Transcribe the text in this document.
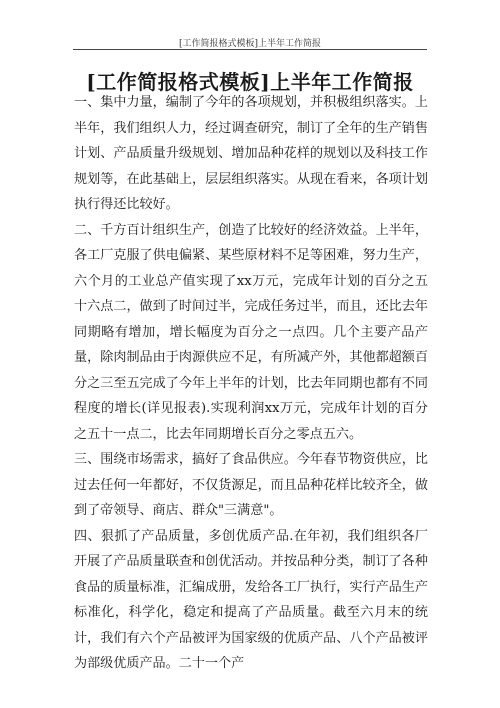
[工作简报格式模板]上半年工作简报
[工作简报格式模板]上半年工作简报

一、集中力量，编制了今年的各项规划，并积极组织落实。上半年，我们组织人力，经过调查研究，制订了全年的生产销售计划、产品质量升级规划、增加品种花样的规划以及科技工作规划等，在此基础上，层层组织落实。从现在看来，各项计划执行得还比较好。

二、千方百计组织生产，创造了比较好的经济效益。上半年，各工厂克服了供电偏紧、某些原材料不足等困难，努力生产，六个月的工业总产值实现了xx万元，完成年计划的百分之五十六点二，做到了时间过半，完成任务过半，而且，还比去年同期略有增加，增长幅度为百分之一点四。几个主要产品产量，除肉制品由于肉源供应不足，有所减产外，其他都超额百分之三至五完成了今年上半年的计划，比去年同期也都有不同程度的增长(详见报表).实现利润xx万元，完成年计划的百分之五十一点二，比去年同期增长百分之零点五六。

三、围绕市场需求，搞好了食品供应。今年春节物资供应，比过去任何一年都好，不仅货源足，而且品种花样比较齐全，做到了帝领导、商店、群众"三满意"。

四、狠抓了产品质量，多创优质产品.在年初，我们组织各厂开展了产品质量联查和创优活动。并按品种分类，制订了各种食品的质量标准，汇编成册，发给各工厂执行，实行产品生产标准化，科学化，稳定和提高了产品质量。截至六月末的统计，我们有六个产品被评为国家级的优质产品、八个产品被评为部级优质产品。二十一个产
